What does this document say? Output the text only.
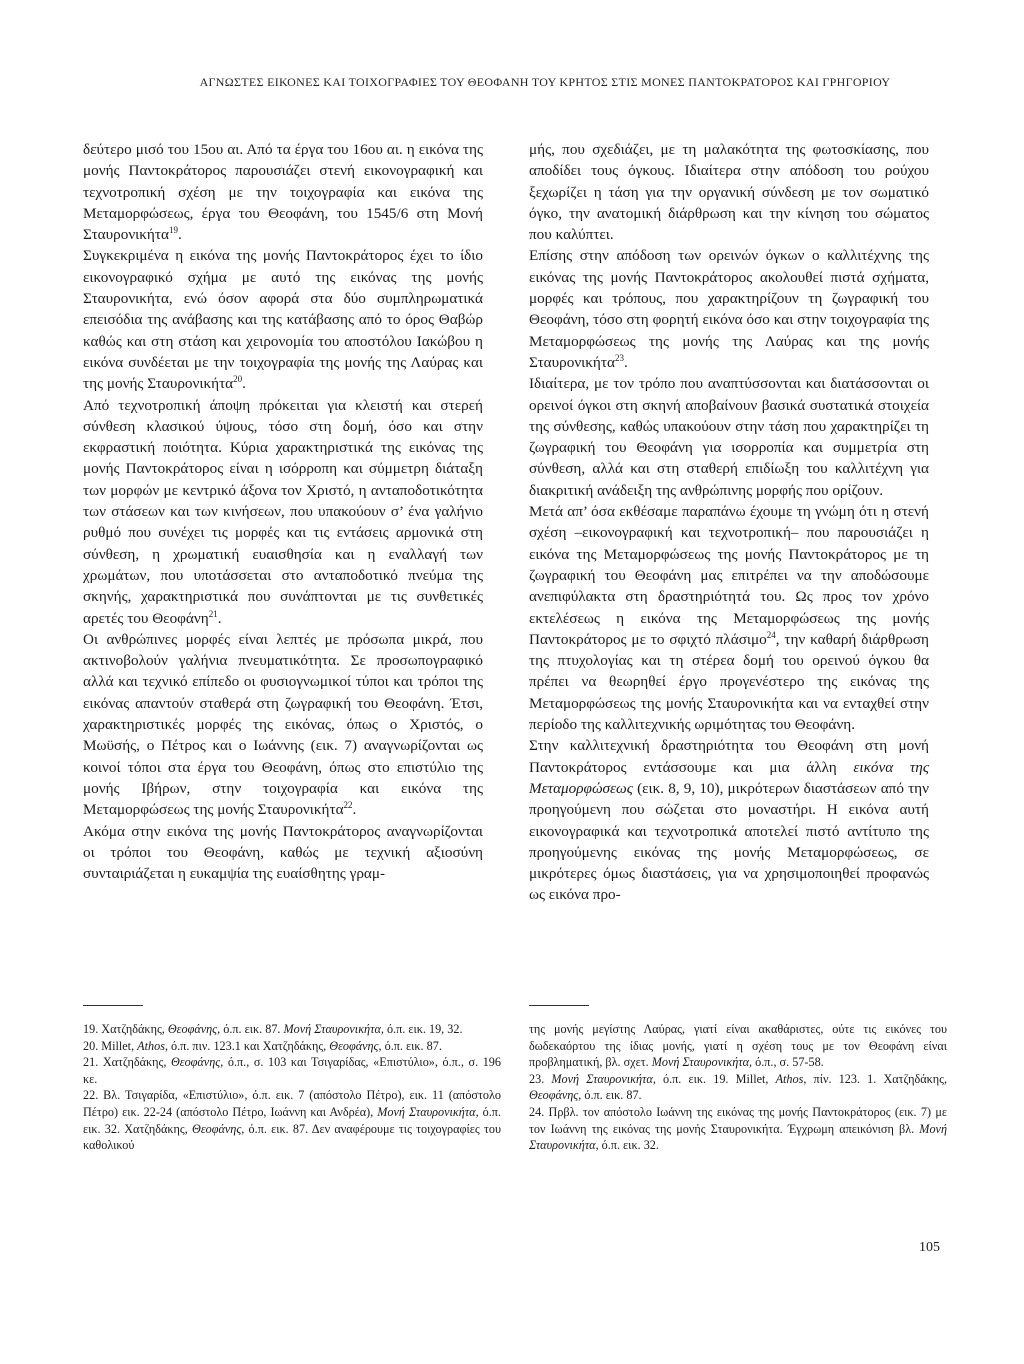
ΑΓΝΩΣΤΕΣ ΕΙΚΟΝΕΣ ΚΑΙ ΤΟΙΧΟΓΡΑΦΙΕΣ ΤΟΥ ΘΕΟΦΑΝΗ ΤΟΥ ΚΡΗΤΟΣ ΣΤΙΣ ΜΟΝΕΣ ΠΑΝΤΟΚΡΑΤΟΡΟΣ ΚΑΙ ΓΡΗΓΟΡΙΟΥ

δεύτερο μισό του 15ου αι. Από τα έργα του 16ου αι. η εικόνα της μονής Παντοκράτορος παρουσιάζει στενή εικονογραφική και τεχνοτροπική σχέση με την τοιχογραφία και εικόνα της Μεταμορφώσεως, έργα του Θεοφάνη, του 1545/6 στη Μονή Σταυρονικήτα$^{19}$.

Συγκεκριμένα η εικόνα της μονής Παντοκράτορος έχει το ίδιο εικονογραφικό σχήμα με αυτό της εικόνας της μονής Σταυρονικήτα, ενώ όσον αφορά στα δύο συμπληρωματικά επεισόδια της ανάβασης και της κατάβασης από το όρος Θαβώρ καθώς και στη στάση και χειρονομία του αποστόλου Ιακώβου η εικόνα συνδέεται με την τοιχογραφία της μονής της Λαύρας και της μονής Σταυρονικήτα$^{20}$.

Από τεχνοτροπική άποψη πρόκειται για κλειστή και στερεή σύνθεση κλασικού ύψους, τόσο στη δομή, όσο και στην εκφραστική ποιότητα. Κύρια χαρακτηριστικά της εικόνας της μονής Παντοκράτορος είναι η ισόρροπη και σύμμετρη διάταξη των μορφών με κεντρικό άξονα τον Χριστό, η ανταποδοτικότητα των στάσεων και των κινήσεων, που υπακούουν σ’ ένα γαλήνιο ρυθμό που συνέχει τις μορφές και τις εντάσεις αρμονικά στη σύνθεση, η χρωματική ευαισθησία και η εναλλαγή των χρωμάτων, που υποτάσσεται στο ανταποδοτικό πνεύμα της σκηνής, χαρακτηριστικά που συνάπτονται με τις συνθετικές αρετές του Θεοφάνη$^{21}$.

Οι ανθρώπινες μορφές είναι λεπτές με πρόσωπα μικρά, που ακτινοβολούν γαλήνια πνευματικότητα. Σε προσωπογραφικό αλλά και τεχνικό επίπεδο οι φυσιογνωμικοί τύποι και τρόποι της εικόνας απαντούν σταθερά στη ζωγραφική του Θεοφάνη. Έτσι, χαρακτηριστικές μορφές της εικόνας, όπως ο Χριστός, ο Μωϋσής, ο Πέτρος και ο Ιωάννης (εικ. 7) αναγνωρίζονται ως κοινοί τόποι στα έργα του Θεοφάνη, όπως στο επιστύλιο της μονής Ιβήρων, στην τοιχογραφία και εικόνα της Μεταμορφώσεως της μονής Σταυρονικήτα$^{22}$.

Ακόμα στην εικόνα της μονής Παντοκράτορος αναγνωρίζονται οι τρόποι του Θεοφάνη, καθώς με τεχνική αξιοσύνη συνταιριάζεται η ευκαμψία της ευαίσθητης γραμ-

μής, που σχεδιάζει, με τη μαλακότητα της φωτοσκίασης, που αποδίδει τους όγκους. Ιδιαίτερα στην απόδοση του ρούχου ξεχωρίζει η τάση για την οργανική σύνδεση με τον σωματικό όγκο, την ανατομική διάρθρωση και την κίνηση του σώματος που καλύπτει.

Επίσης στην απόδοση των ορεινών όγκων ο καλλιτέχνης της εικόνας της μονής Παντοκράτορος ακολουθεί πιστά σχήματα, μορφές και τρόπους, που χαρακτηρίζουν τη ζωγραφική του Θεοφάνη, τόσο στη φορητή εικόνα όσο και στην τοιχογραφία της Μεταμορφώσεως της μονής της Λαύρας και της μονής Σταυρονικήτα$^{23}$.

Ιδιαίτερα, με τον τρόπο που αναπτύσσονται και διατάσσονται οι ορεινοί όγκοι στη σκηνή αποβαίνουν βασικά συστατικά στοιχεία της σύνθεσης, καθώς υπακούουν στην τάση που χαρακτηρίζει τη ζωγραφική του Θεοφάνη για ισορροπία και συμμετρία στη σύνθεση, αλλά και στη σταθερή επιδίωξη του καλλιτέχνη για διακριτική ανάδειξη της ανθρώπινης μορφής που ορίζουν.

Μετά απ’ όσα εκθέσαμε παραπάνω έχουμε τη γνώμη ότι η στενή σχέση –εικονογραφική και τεχνοτροπική– που παρουσιάζει η εικόνα της Μεταμορφώσεως της μονής Παντοκράτορος με τη ζωγραφική του Θεοφάνη μας επιτρέπει να την αποδώσουμε ανεπιφύλακτα στη δραστηριότητά του. Ως προς τον χρόνο εκτελέσεως η εικόνα της Μεταμορφώσεως της μονής Παντοκράτορος με το σφιχτό πλάσιμο$^{24}$, την καθαρή διάρθρωση της πτυχολογίας και τη στέρεα δομή του ορεινού όγκου θα πρέπει να θεωρηθεί έργο προγενέστερο της εικόνας της Μεταμορφώσεως της μονής Σταυρονικήτα και να ενταχθεί στην περίοδο της καλλιτεχνικής ωριμότητας του Θεοφάνη.

Στην καλλιτεχνική δραστηριότητα του Θεοφάνη στη μονή Παντοκράτορος εντάσσουμε και μια άλλη εικόνα της Μεταμορφώσεως (εικ. 8, 9, 10), μικρότερων διαστάσεων από την προηγούμενη που σώζεται στο μοναστήρι. Η εικόνα αυτή εικονογραφικά και τεχνοτροπικά αποτελεί πιστό αντίτυπο της προηγούμενης εικόνας της μονής Μεταμορφώσεως, σε μικρότερες όμως διαστάσεις, για να χρησιμοποιηθεί προφανώς ως εικόνα προ-

19. Χατζηδάκης, Θεοφάνης, ό.π. εικ. 87. Μονή Σταυρονικήτα, ό.π. εικ. 19, 32.

20. Millet, Athos, ό.π. πιν. 123.1 και Χατζηδάκης, Θεοφάνης, ό.π. εικ. 87.

21. Χατζηδάκης, Θεοφάνης, ό.π., σ. 103 και Τσιγαρίδας, «Επιστύλιο», ό.π., σ. 196 κε.

22. Βλ. Τσιγαρίδα, «Επιστύλιο», ό.π. εικ. 7 (απόστολο Πέτρο), εικ. 11 (απόστολο Πέτρο) εικ. 22-24 (απόστολο Πέτρο, Ιωάννη και Ανδρέα), Μονή Σταυρονικήτα, ό.π. εικ. 32. Χατζηδάκης, Θεοφάνης, ό.π. εικ. 87. Δεν αναφέρουμε τις τοιχογραφίες του καθολικού

της μονής μεγίστης Λαύρας, γιατί είναι ακαθάριστες, ούτε τις εικόνες του δωδεκαόρτου της ίδιας μονής, γιατί η σχέση τους με τον Θεοφάνη είναι προβληματική, βλ. σχετ. Μονή Σταυρονικήτα, ό.π., σ. 57-58.

23. Μονή Σταυρονικήτα, ό.π. εικ. 19. Millet, Athos, πίν. 123. 1. Χατζηδάκης, Θεοφάνης, ό.π. εικ. 87.

24. Πρβλ. τον απόστολο Ιωάννη της εικόνας της μονής Παντοκράτορος (εικ. 7) με τον Ιωάννη της εικόνας της μονής Σταυρονικήτα. Έγχρωμη απεικόνιση βλ. Μονή Σταυρονικήτα, ό.π. εικ. 32.

105
